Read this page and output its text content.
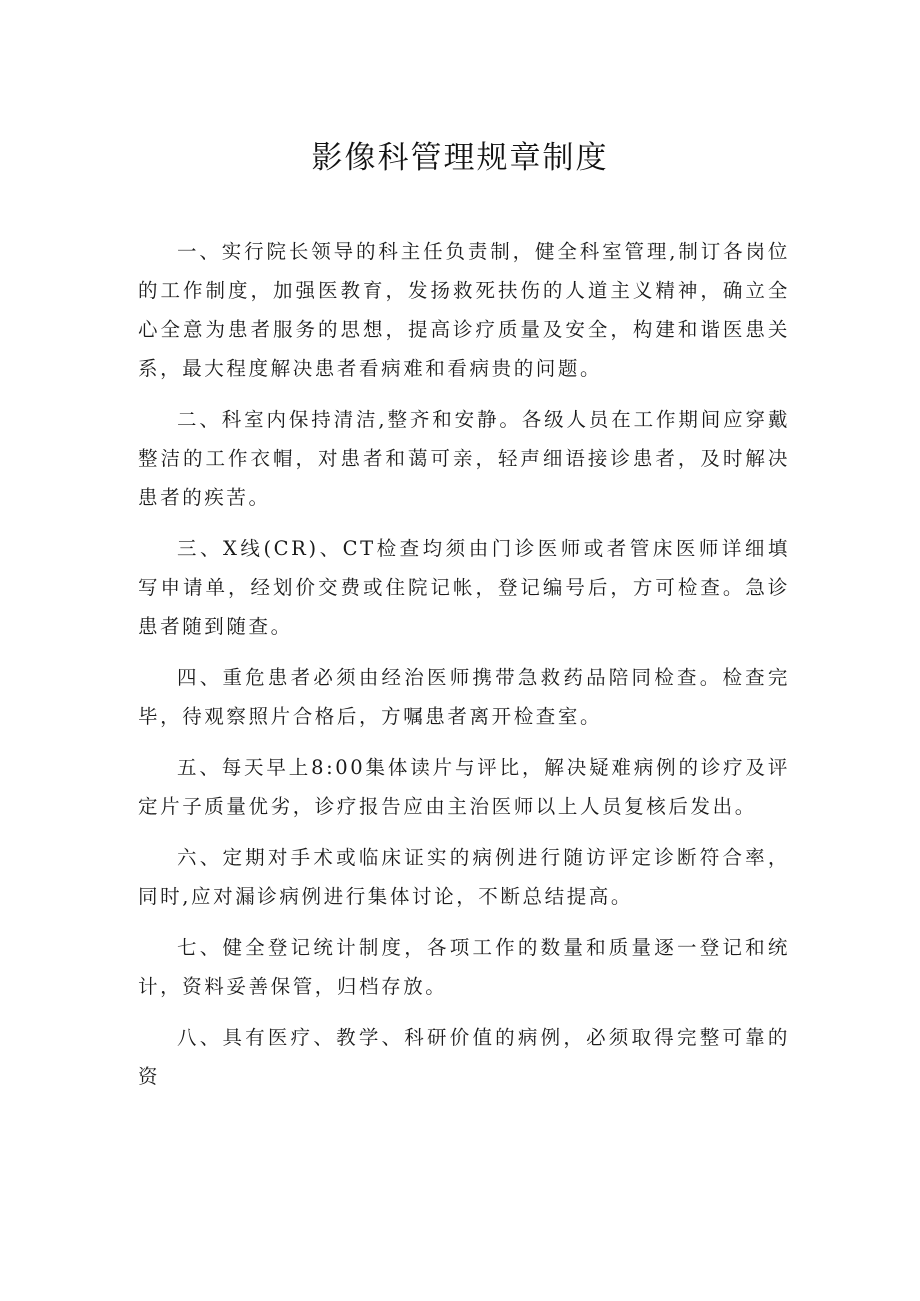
影像科管理规章制度

一、实行院长领导的科主任负责制，健全科室管理,制订各岗位的工作制度，加强医教育，发扬救死扶伤的人道主义精神，确立全心全意为患者服务的思想，提高诊疗质量及安全，构建和谐医患关系，最大程度解决患者看病难和看病贵的问题。

二、科室内保持清洁,整齐和安静。各级人员在工作期间应穿戴整洁的工作衣帽，对患者和蔼可亲，轻声细语接诊患者，及时解决患者的疾苦。

三、X线(CR)、CT检查均须由门诊医师或者管床医师详细填写申请单，经划价交费或住院记帐，登记编号后，方可检查。急诊患者随到随查。

四、重危患者必须由经治医师携带急救药品陪同检查。检查完毕，待观察照片合格后，方嘱患者离开检查室。

五、每天早上8:00集体读片与评比，解决疑难病例的诊疗及评定片子质量优劣，诊疗报告应由主治医师以上人员复核后发出。

六、定期对手术或临床证实的病例进行随访评定诊断符合率，同时,应对漏诊病例进行集体讨论，不断总结提高。

七、健全登记统计制度，各项工作的数量和质量逐一登记和统计，资料妥善保管，归档存放。

八、具有医疗、教学、科研价值的病例，必须取得完整可靠的资
